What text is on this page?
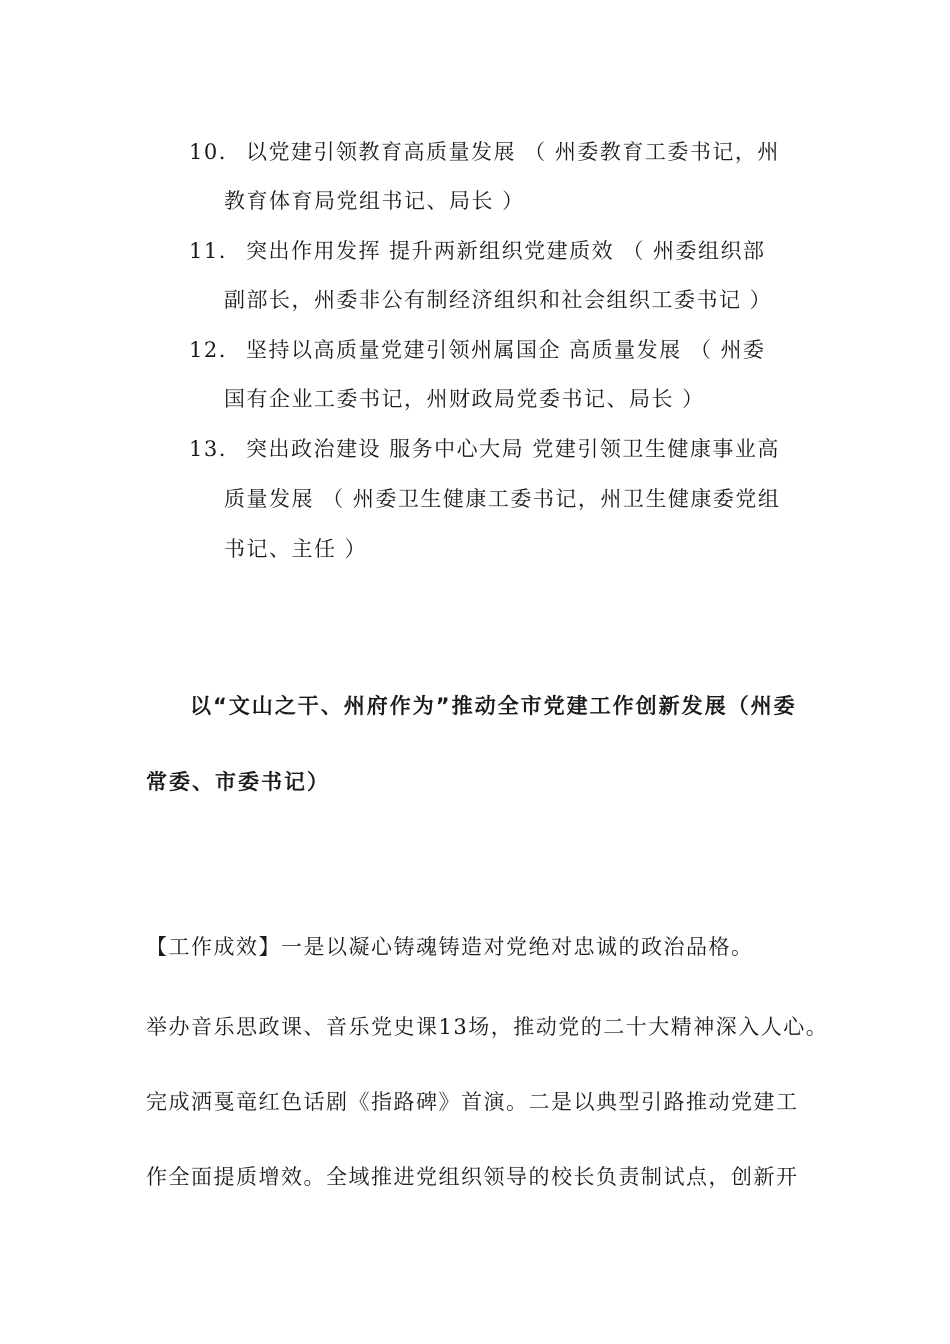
10. 以党建引领教育高质量发展 （ 州委教育工委书记，州
教育体育局党组书记、局长 ）
11. 突出作用发挥 提升两新组织党建质效 （ 州委组织部
副部长，州委非公有制经济组织和社会组织工委书记 ）
12. 坚持以高质量党建引领州属国企 高质量发展 （ 州委
国有企业工委书记，州财政局党委书记、局长 ）
13. 突出政治建设 服务中心大局 党建引领卫生健康事业高
质量发展 （ 州委卫生健康工委书记，州卫生健康委党组
书记、主任 ）
以“文山之干、州府作为”推动全市党建工作创新发展（州委
常委、市委书记）
【工作成效】一是以凝心铸魂铸造对党绝对忠诚的政治品格。
举办音乐思政课、音乐党史课13场，推动党的二十大精神深入人心。
完成洒戛竜红色话剧《指路碑》首演。二是以典型引路推动党建工
作全面提质增效。全域推进党组织领导的校长负责制试点，创新开
